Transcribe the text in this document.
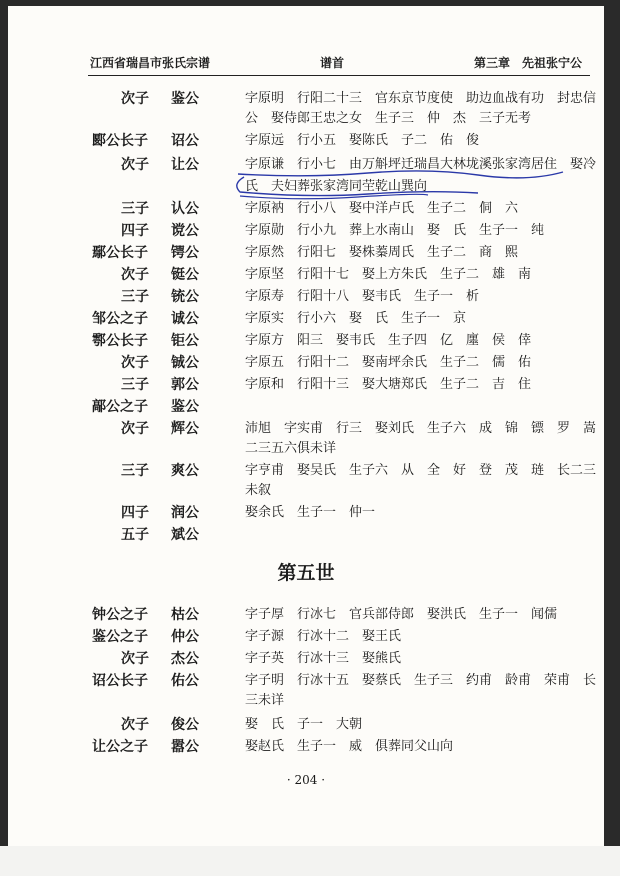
江西省瑞昌市张氏宗谱	谱首	第三章　先祖张宁公
次子 鉴公	字原明　行阳二十三　官东京节度使　助边血战有功　封忠信
公　娶侍郎王忠之女　生子三　仲　杰　三子无考
郾公长子 诏公	字原远　行小五　娶陈氏　子二　佑　俊
次子 让公	字原谦　行小七　由万斛坪迁瑞昌大林垅溪张家湾居住　娶冷
氏　夫妇葬张家湾同茔乾山巽向
三子 认公	字原衲　行小八　娶中洋卢氏　生子二　侗　六
四子 谠公	字原勋　行小九　葬上水南山　娶　氏　生子一　纯
鄢公长子 锷公	字原然　行阳七　娶株蓁周氏　生子二　商　熙
次子 铤公	字原坚　行阳十七　娶上方朱氏　生子二　雄　南
三子 铳公	字原寿　行阳十八　娶韦氏　生子一　析
邹公之子 诚公	字原实　行小六　娶　氏　生子一　京
鄠公长子 钜公	字原方　阳三　娶韦氏　生子四　亿　廛　侯　倖
次子 铖公	字原五　行阳十二　娶南坪余氏　生子二　儒　佑
三子 郭公	字原和　行阳十三　娶大塘郑氏　生子二　吉　住
鄗公之子 鉴公
次子 辉公	沛旭　字实甫　行三　娶刘氏　生子六　成　锦　镖　罗　嵩
二三五六俱未详
三子 爽公	字亨甫　娶吴氏　生子六　从　全　好　登　茂　琏　长二三
未叙
四子 润公	娶余氏　生子一　仲一
五子 斌公
第五世
钟公之子 枯公	字子厚　行冰七　官兵部侍郎　娶洪氏　生子一　闻儒
鉴公之子 仲公	字子源　行冰十二　娶王氏
次子 杰公	字子英　行冰十三　娶熊氏
诏公长子 佑公	字子明　行冰十五　娶蔡氏　生子三　约甫　龄甫　荣甫　长
三未详
次子 俊公	娶　氏　子一　大朝
让公之子 嚣公	娶赵氏　生子一　威　俱葬同父山向
· 204 ·
